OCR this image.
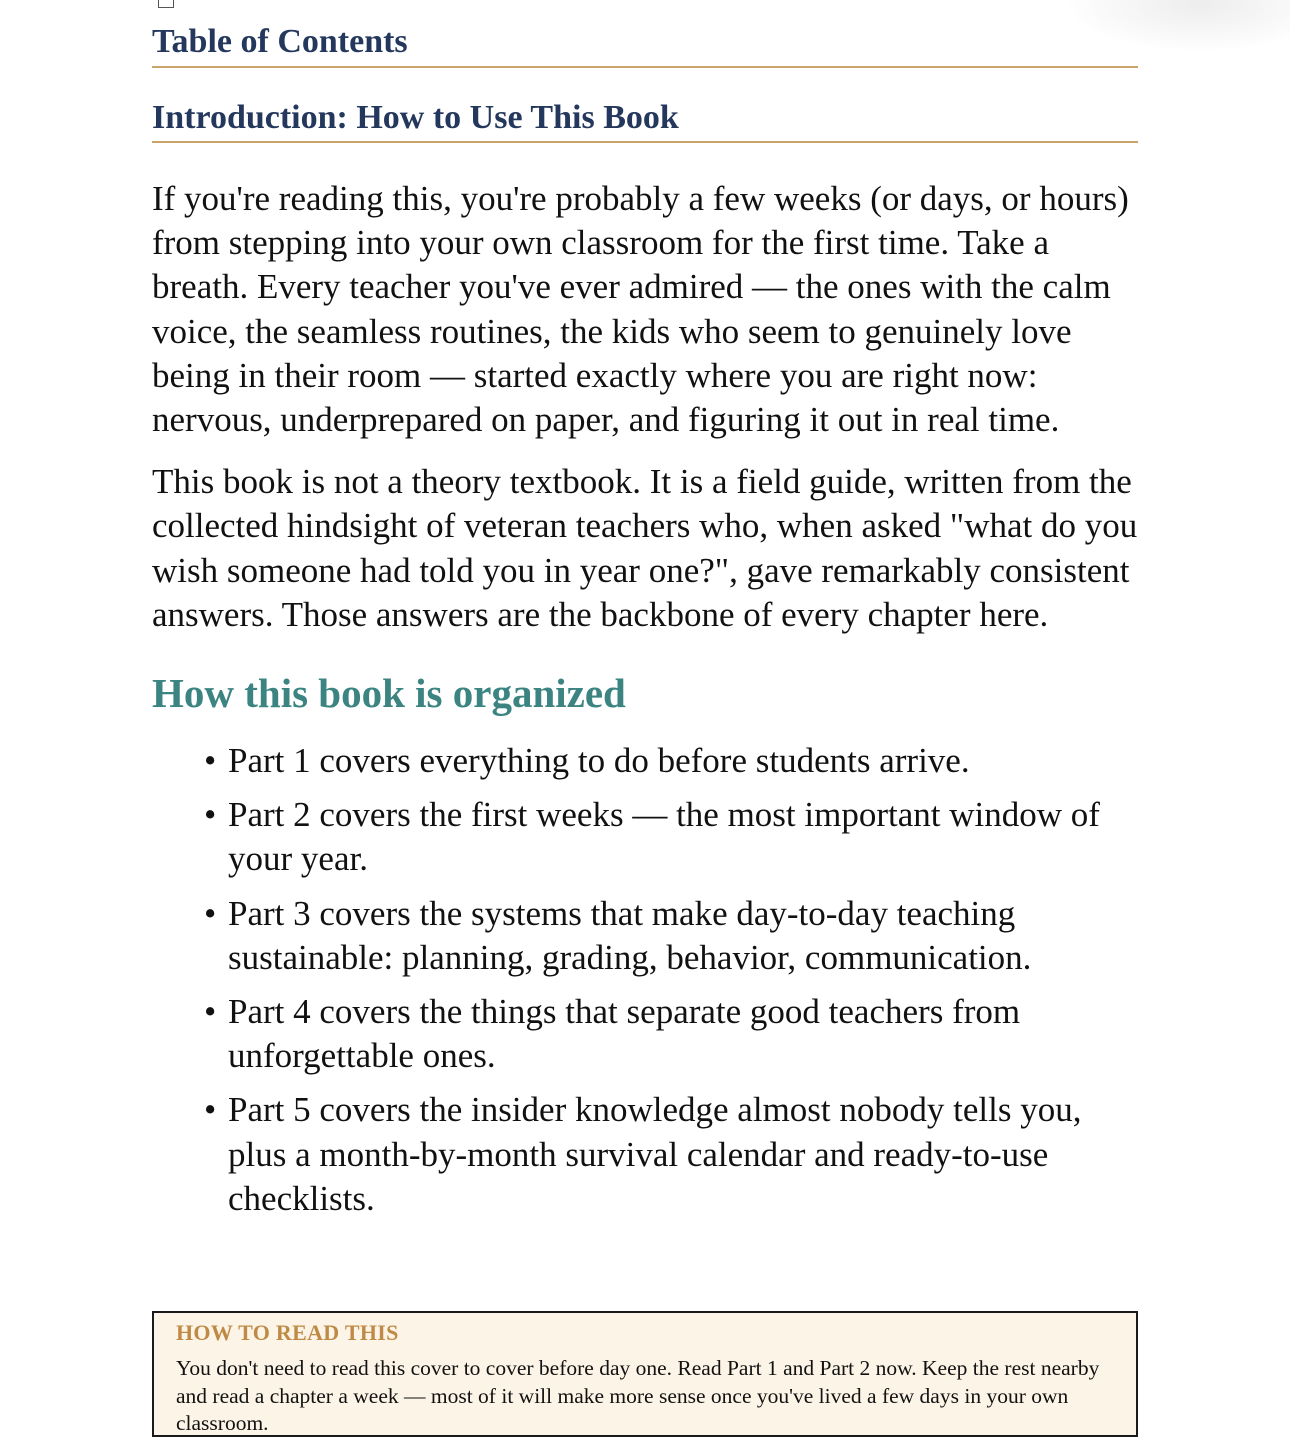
Table of Contents
Introduction: How to Use This Book

If you're reading this, you're probably a few weeks (or days, or hours) from stepping into your own classroom for the first time. Take a breath. Every teacher you've ever admired — the ones with the calm voice, the seamless routines, the kids who seem to genuinely love being in their room — started exactly where you are right now: nervous, underprepared on paper, and figuring it out in real time.

This book is not a theory textbook. It is a field guide, written from the collected hindsight of veteran teachers who, when asked "what do you wish someone had told you in year one?", gave remarkably consistent answers. Those answers are the backbone of every chapter here.

How this book is organized
• Part 1 covers everything to do before students arrive.
• Part 2 covers the first weeks — the most important window of your year.
• Part 3 covers the systems that make day-to-day teaching sustainable: planning, grading, behavior, communication.
• Part 4 covers the things that separate good teachers from unforgettable ones.
• Part 5 covers the insider knowledge almost nobody tells you, plus a month-by-month survival calendar and ready-to-use checklists.
HOW TO READ THIS
You don't need to read this cover to cover before day one. Read Part 1 and Part 2 now. Keep the rest nearby and read a chapter a week — most of it will make more sense once you've lived a few days in your own classroom.
